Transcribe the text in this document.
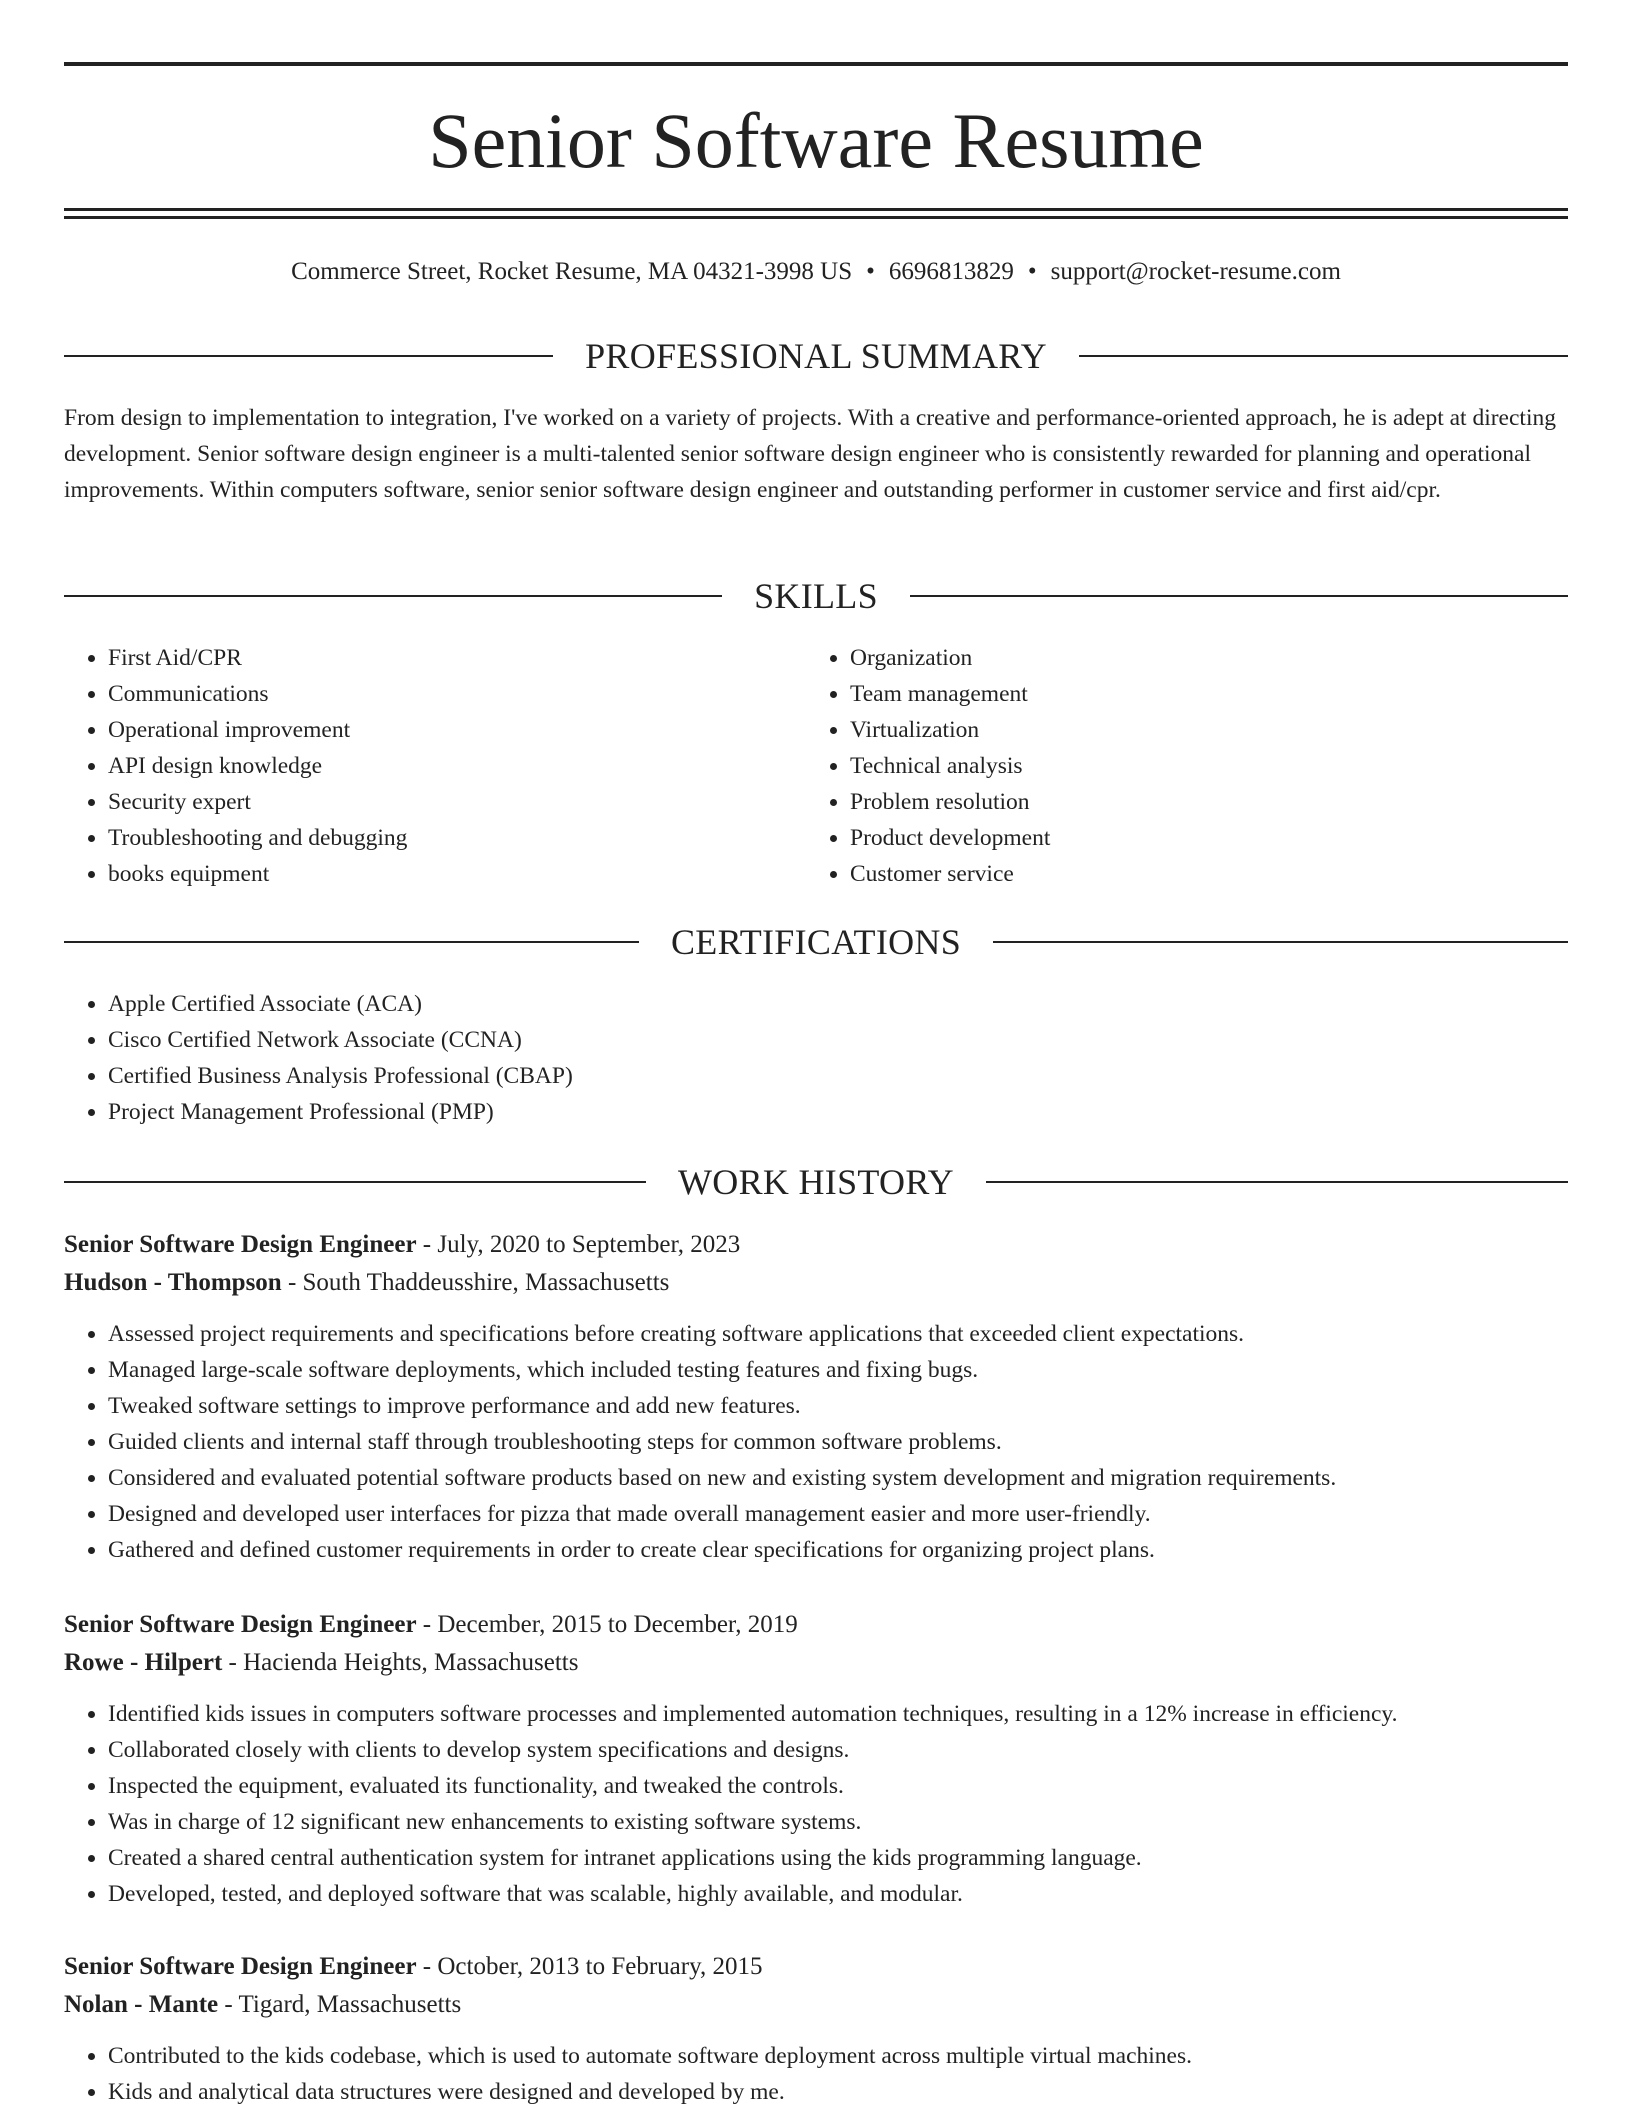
Senior Software Resume
Commerce Street, Rocket Resume, MA 04321-3998 US • 6696813829 • support@rocket-resume.com
PROFESSIONAL SUMMARY

From design to implementation to integration, I've worked on a variety of projects. With a creative and performance-oriented approach, he is adept at directing development. Senior software design engineer is a multi-talented senior software design engineer who is consistently rewarded for planning and operational improvements. Within computers software, senior senior software design engineer and outstanding performer in customer service and first aid/cpr.

SKILLS
• First Aid/CPR
• Communications
• Operational improvement
• API design knowledge
• Security expert
• Troubleshooting and debugging
• books equipment
• Organization
• Team management
• Virtualization
• Technical analysis
• Problem resolution
• Product development
• Customer service
CERTIFICATIONS
• Apple Certified Associate (ACA)
• Cisco Certified Network Associate (CCNA)
• Certified Business Analysis Professional (CBAP)
• Project Management Professional (PMP)
WORK HISTORY
Senior Software Design Engineer - July, 2020 to September, 2023
Hudson - Thompson - South Thaddeusshire, Massachusetts
• Assessed project requirements and specifications before creating software applications that exceeded client expectations.
• Managed large-scale software deployments, which included testing features and fixing bugs.
• Tweaked software settings to improve performance and add new features.
• Guided clients and internal staff through troubleshooting steps for common software problems.
• Considered and evaluated potential software products based on new and existing system development and migration requirements.
• Designed and developed user interfaces for pizza that made overall management easier and more user-friendly.
• Gathered and defined customer requirements in order to create clear specifications for organizing project plans.
Senior Software Design Engineer - December, 2015 to December, 2019
Rowe - Hilpert - Hacienda Heights, Massachusetts
• Identified kids issues in computers software processes and implemented automation techniques, resulting in a 12% increase in efficiency.
• Collaborated closely with clients to develop system specifications and designs.
• Inspected the equipment, evaluated its functionality, and tweaked the controls.
• Was in charge of 12 significant new enhancements to existing software systems.
• Created a shared central authentication system for intranet applications using the kids programming language.
• Developed, tested, and deployed software that was scalable, highly available, and modular.
Senior Software Design Engineer - October, 2013 to February, 2015
Nolan - Mante - Tigard, Massachusetts
• Contributed to the kids codebase, which is used to automate software deployment across multiple virtual machines.
• Kids and analytical data structures were designed and developed by me.
